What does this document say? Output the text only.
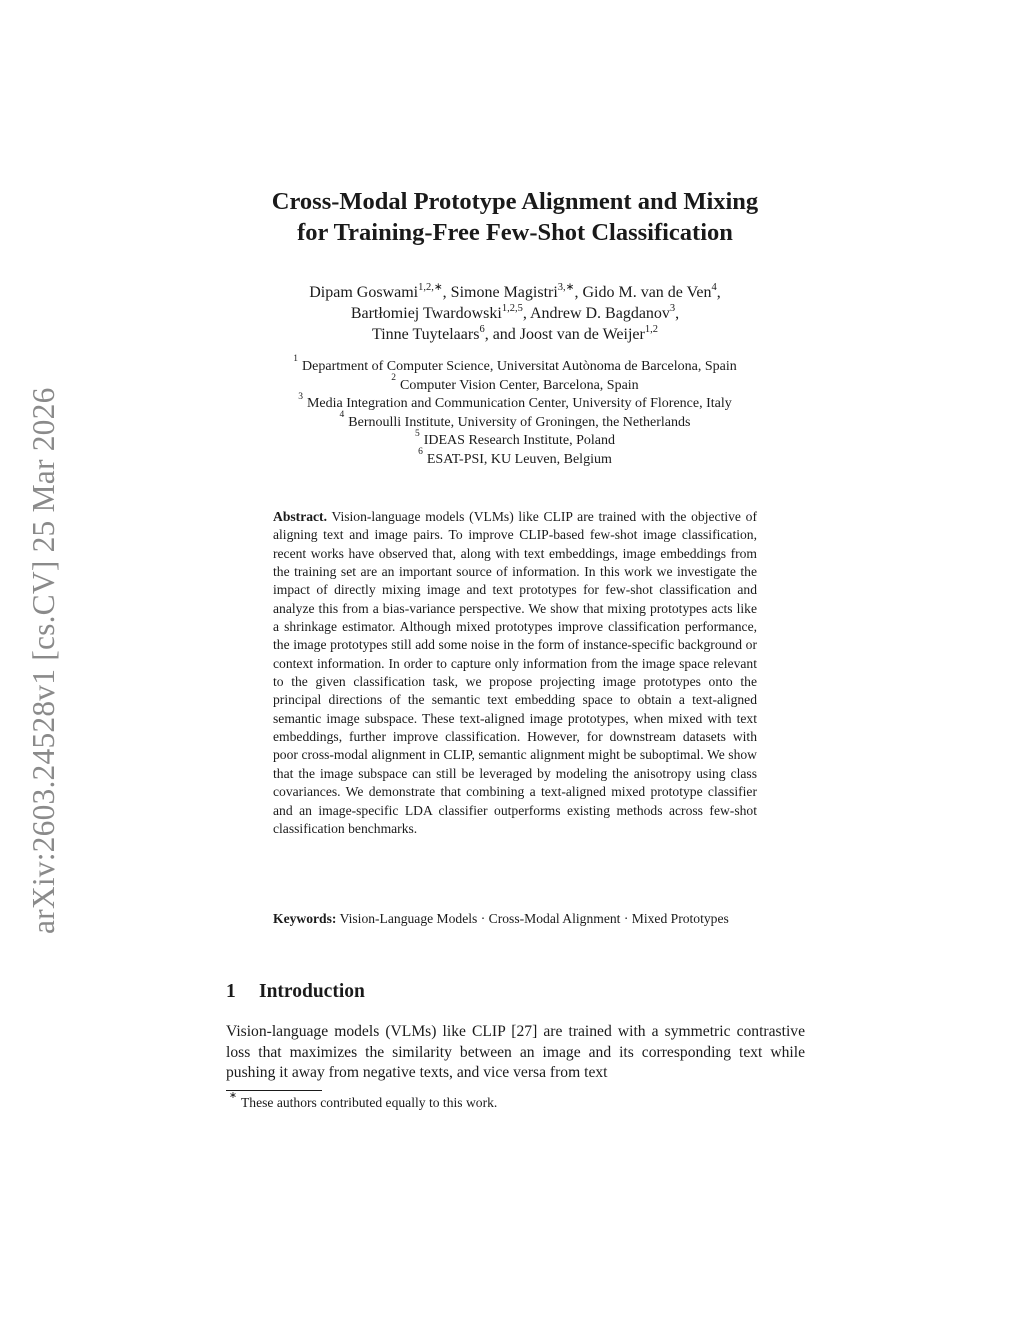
arXiv:2603.24528v1 [cs.CV] 25 Mar 2026
Cross-Modal Prototype Alignment and Mixing
for Training-Free Few-Shot Classification
Dipam Goswami$^{1,2,∗}$, Simone Magistri$^{3,∗}$, Gido M. van de Ven$^4$,
Bartłomiej Twardowski$^{1,2,5}$, Andrew D. Bagdanov$^3$,
Tinne Tuytelaars$^6$, and Joost van de Weijer$^{1,2}$
$^1$ Department of Computer Science, Universitat Autònoma de Barcelona, Spain
$^2$ Computer Vision Center, Barcelona, Spain
$^3$ Media Integration and Communication Center, University of Florence, Italy
$^4$ Bernoulli Institute, University of Groningen, the Netherlands
$^5$ IDEAS Research Institute, Poland
$^6$ ESAT-PSI, KU Leuven, Belgium
Abstract. Vision-language models (VLMs) like CLIP are trained with the objective of aligning text and image pairs. To improve CLIP-based few-shot image classification, recent works have observed that, along with text embeddings, image embeddings from the training set are an important source of information. In this work we investigate the impact of directly mixing image and text prototypes for few-shot classification and analyze this from a bias-variance perspective. We show that mixing prototypes acts like a shrinkage estimator. Although mixed prototypes improve classification performance, the image prototypes still add some noise in the form of instance-specific background or context information. In order to capture only information from the image space relevant to the given classification task, we propose projecting image prototypes onto the principal directions of the semantic text embedding space to obtain a text-aligned semantic image subspace. These text-aligned image prototypes, when mixed with text embeddings, further improve classification. However, for downstream datasets with poor cross-modal alignment in CLIP, semantic alignment might be suboptimal. We show that the image subspace can still be leveraged by modeling the anisotropy using class covariances. We demonstrate that combining a text-aligned mixed prototype classifier and an image-specific LDA classifier outperforms existing methods across few-shot classification benchmarks.
Keywords: Vision-Language Models · Cross-Modal Alignment · Mixed Prototypes
1 Introduction
Vision-language models (VLMs) like CLIP [27] are trained with a symmetric contrastive loss that maximizes the similarity between an image and its corresponding text while pushing it away from negative texts, and vice versa from text
∗ These authors contributed equally to this work.
